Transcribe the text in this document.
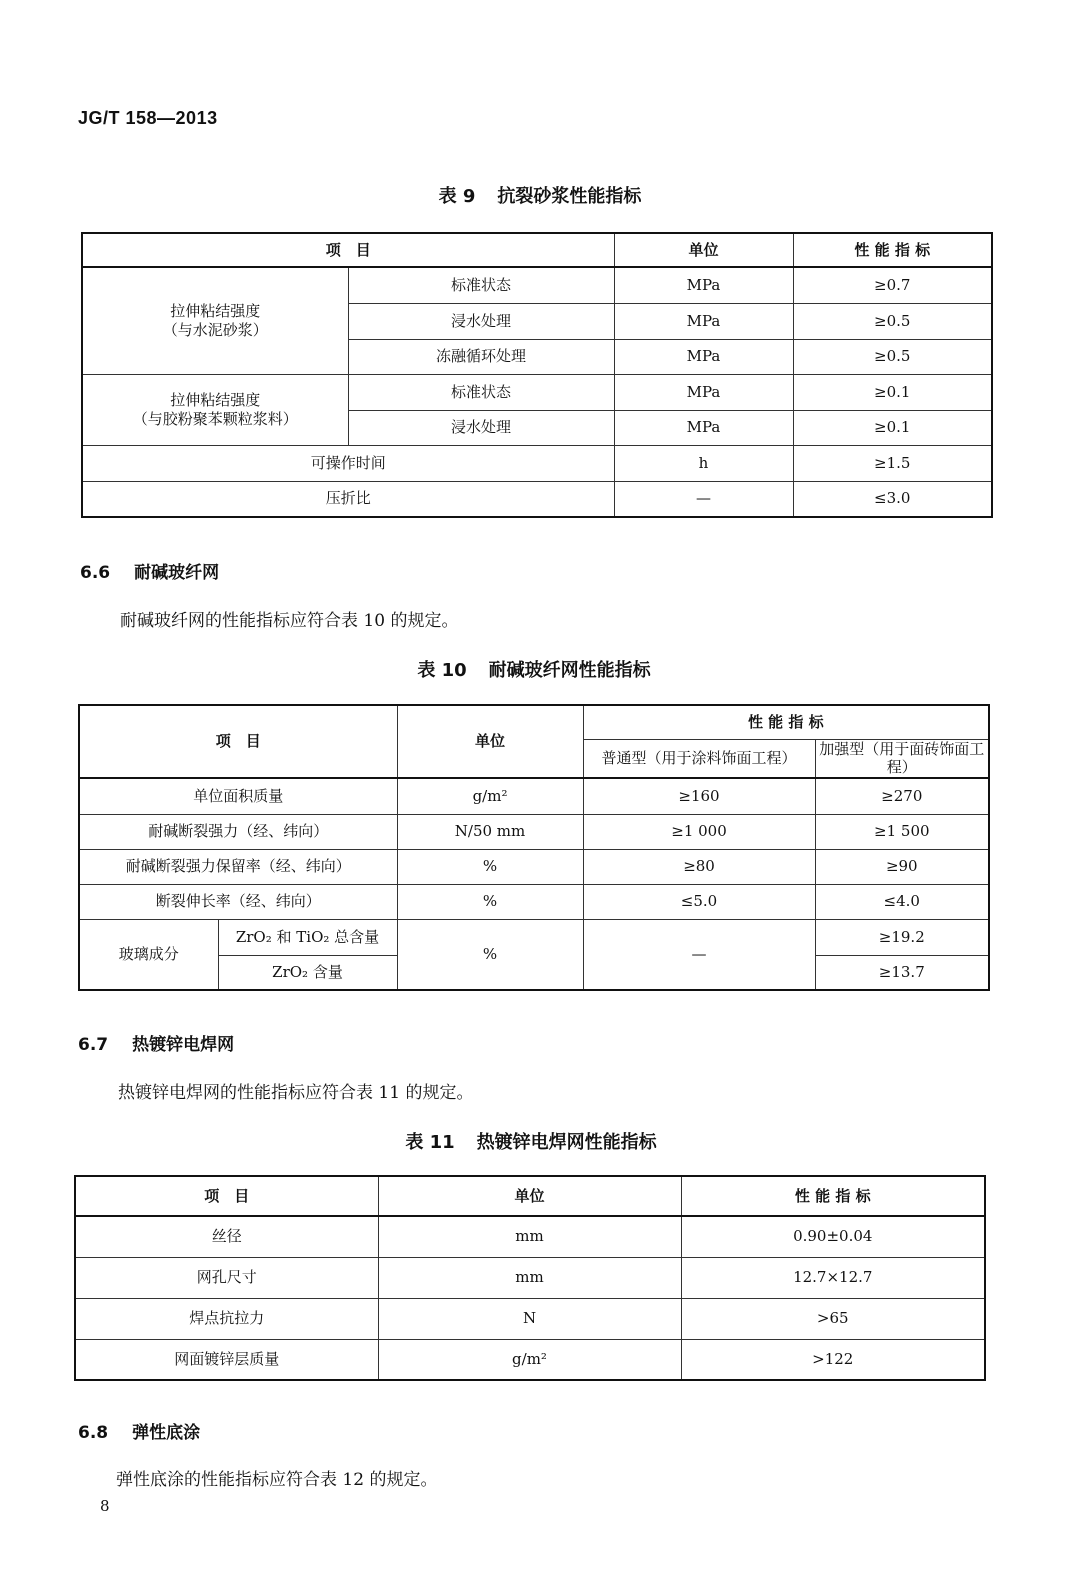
JG/T 158—2013
表 9 抗裂砂浆性能指标
项　目		单位	性 能 指 标

拉伸粘结强度
（与水泥砂浆）	标准状态	MPa	≥0.7
	浸水处理	MPa	≥0.5
	冻融循环处理	MPa	≥0.5

拉伸粘结强度
（与胶粉聚苯颗粒浆料）	标准状态	MPa	≥0.1
	浸水处理	MPa	≥0.1
可操作时间		h	≥1.5
压折比		—	≤3.0
6.6 耐碱玻纤网
耐碱玻纤网的性能指标应符合表 10 的规定。
表 10 耐碱玻纤网性能指标
项　目		单位	性 能 指 标	
			普通型（用于涂料饰面工程）	加强型（用于面砖饰面工程）
单位面积质量		g/m²	≥160	≥270
耐碱断裂强力（经、纬向）		N/50 mm	≥1 000	≥1 500
耐碱断裂强力保留率（经、纬向）		%	≥80	≥90
断裂伸长率（经、纬向）		%	≤5.0	≤4.0
玻璃成分	ZrO₂ 和 TiO₂ 总含量	%	—	≥19.2
	ZrO₂ 含量			≥13.7
6.7 热镀锌电焊网
热镀锌电焊网的性能指标应符合表 11 的规定。
表 11 热镀锌电焊网性能指标
项　目	单位	性 能 指 标
丝径	mm	0.90±0.04
网孔尺寸	mm	12.7×12.7
焊点抗拉力	N	>65
网面镀锌层质量	g/m²	>122
6.8 弹性底涂
弹性底涂的性能指标应符合表 12 的规定。
8
